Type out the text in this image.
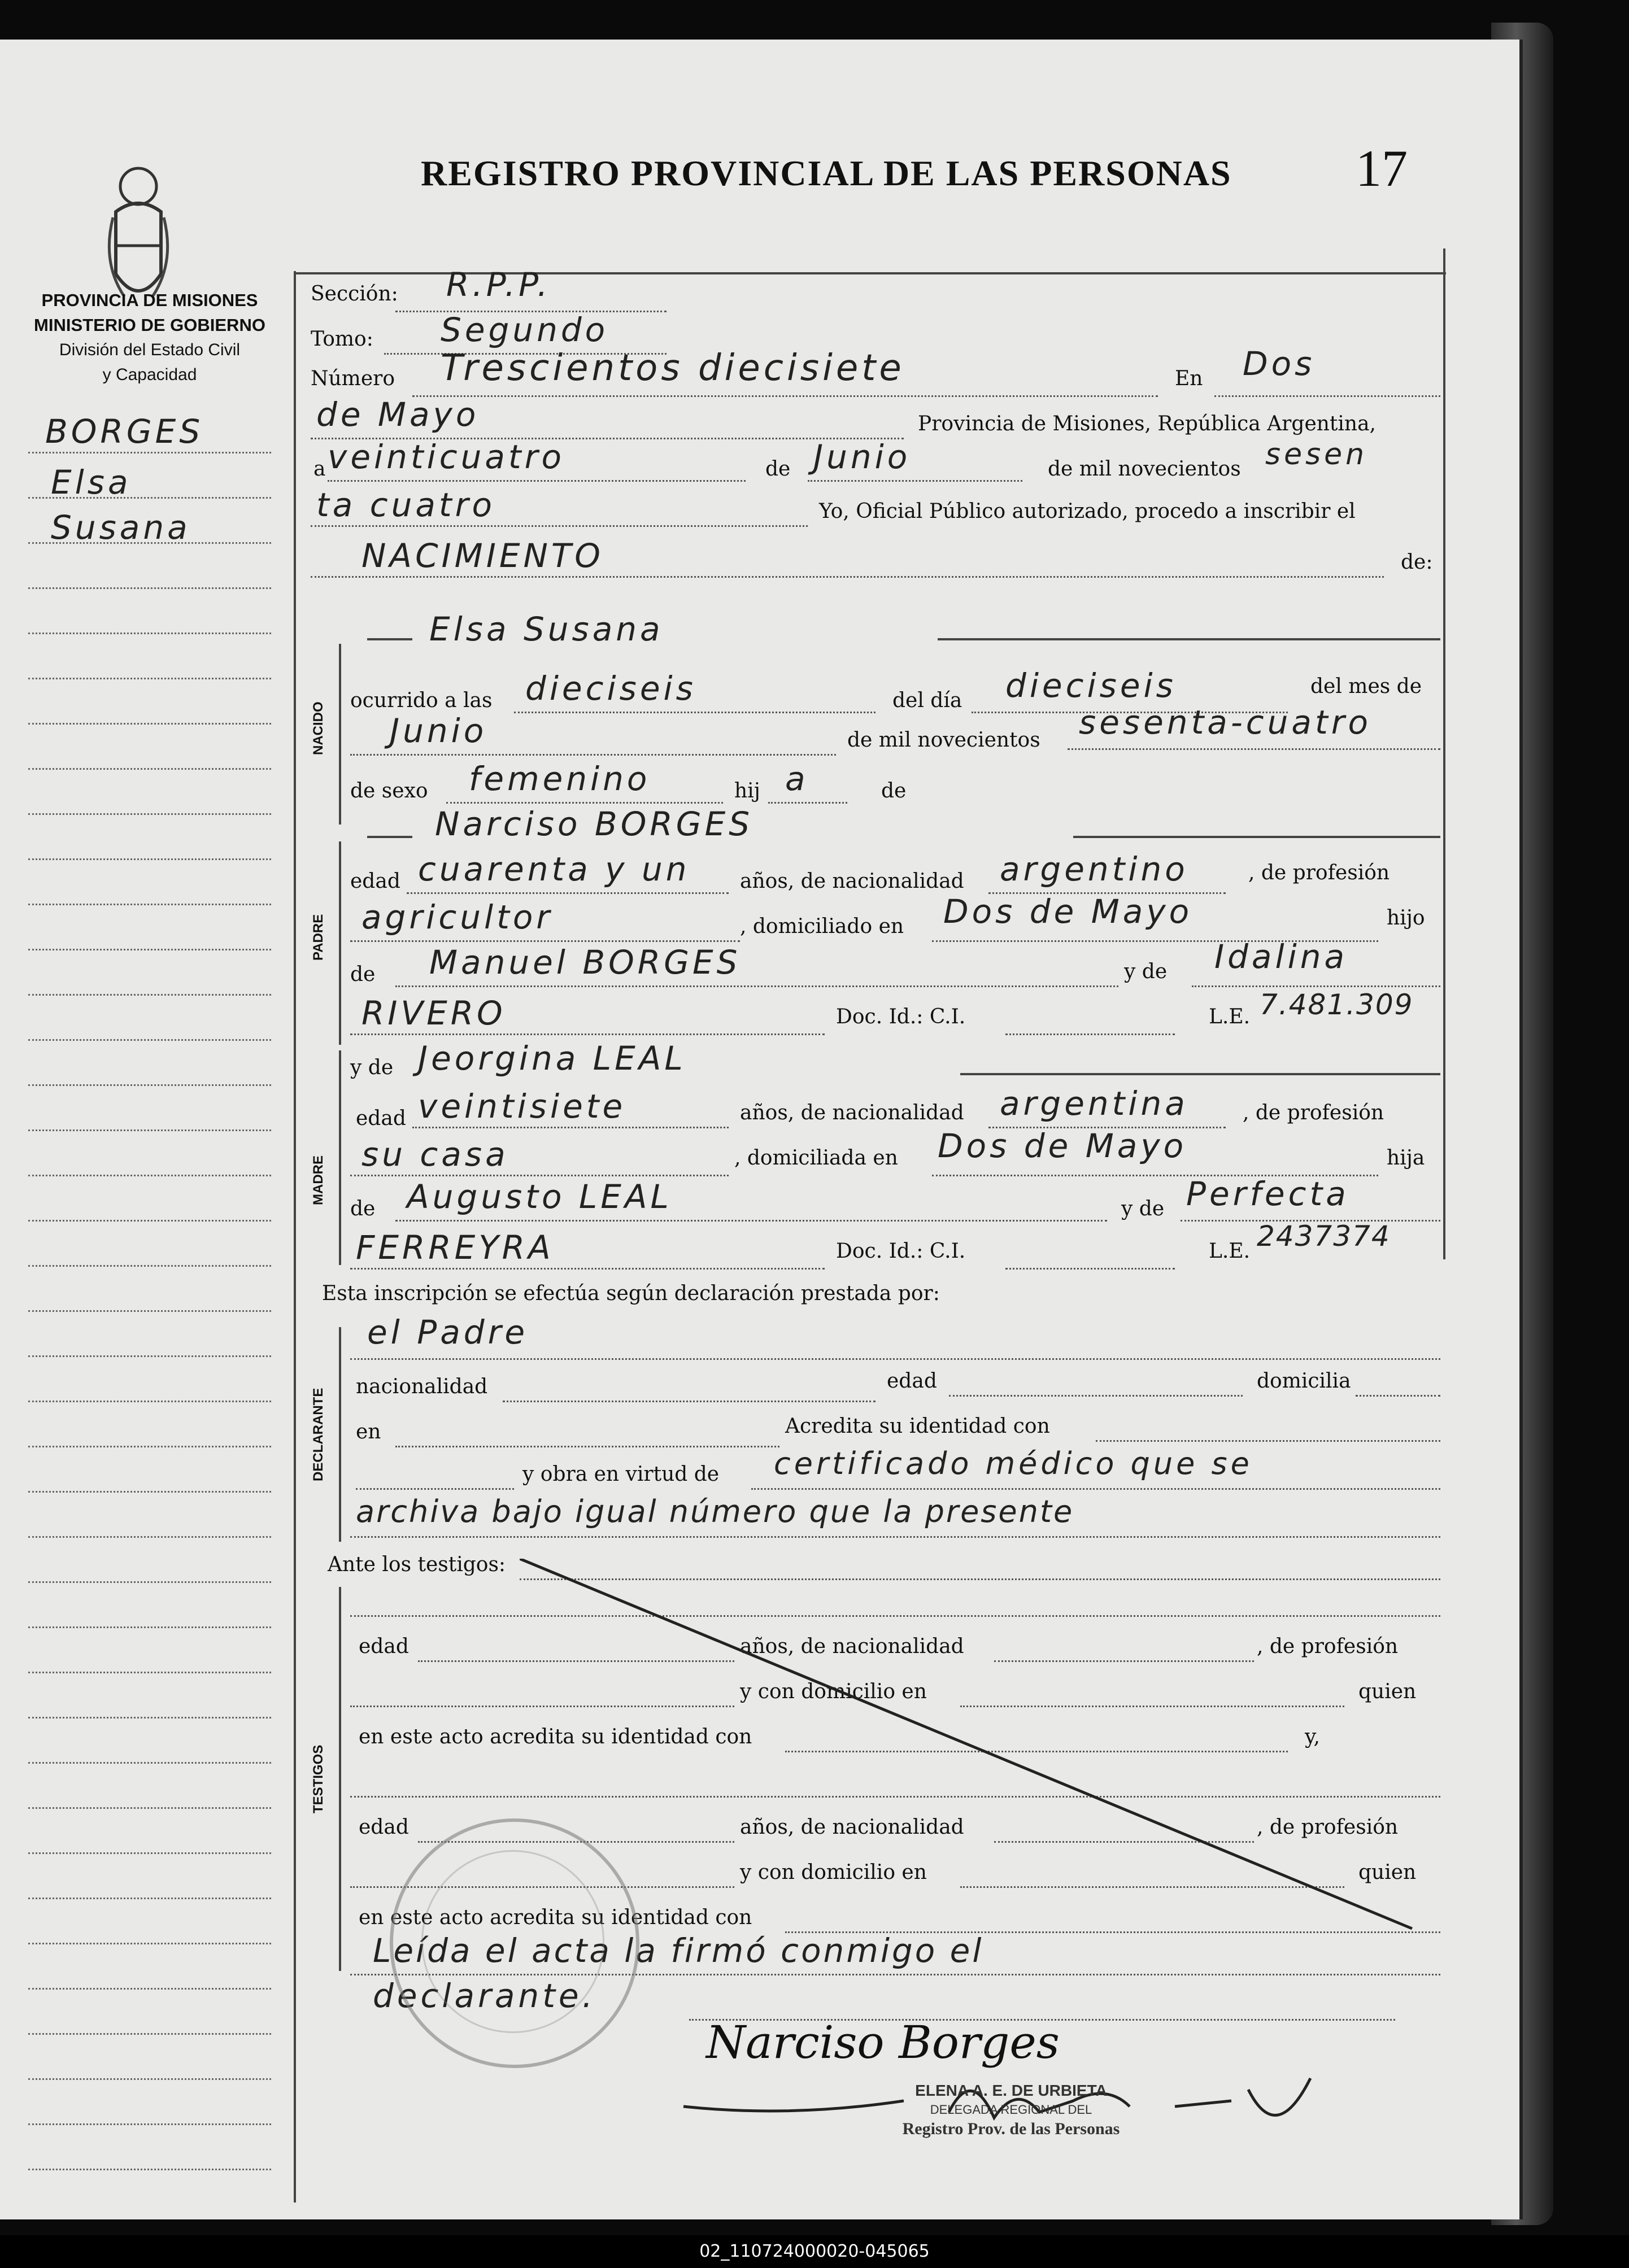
PROVINCIA DE MISIONES
MINISTERIO DE GOBIERNO
División del Estado Civil
y Capacidad
REGISTRO PROVINCIAL DE LAS PERSONAS 17
BORGES
Elsa
Susana
Sección: R.P.P.
Tomo: Segundo
Número Trescientos diecisiete	En Dos
de Mayo	Provincia de Misiones, República Argentina,
a veinticuatro	de Junio	de mil novecientos sesen
ta cuatro	Yo, Oficial Público autorizado, procedo a inscribir el
NACIMIENTO	de:
Elsa Susana
NACIDO
ocurrido a las dieciseis	del día dieciseis	del mes de
Junio	de mil novecientos sesenta-cuatro
de sexo femenino	hij a	de
Narciso BORGES
PADRE
edad cuarenta y un años, de nacionalidad argentino	, de profesión
agricultor	, domiciliado en Dos de Mayo	hijo
de Manuel BORGES	y de Idalina
RIVERO	Doc. Id.: C.I.	L.E. 7.481.309
y de Jeorgina LEAL
MADRE
edad veintisiete	años, de nacionalidad argentina	, de profesión
su casa	, domiciliada en Dos de Mayo	hija
de Augusto LEAL	y de Perfecta
FERREYRA	Doc. Id.: C.I.	L.E. 2437374
Esta inscripción se efectúa según declaración prestada por:
el Padre
DECLARANTE
nacionalidad	edad	domicilia
en	Acredita su identidad con
y obra en virtud de certificado médico que se
archiva bajo igual número que la presente
Ante los testigos:
TESTIGOS
edad	años, de nacionalidad	, de profesión
y con domicilio en	quien
en este acto acredita su identidad con	y,
edad	años, de nacionalidad	, de profesión
y con domicilio en	quien
en este acto acredita su identidad con
Leída el acta la firmó conmigo el
declarante.
Narciso Borges
ELENA A. E. DE URBIETA
DELEGADA REGIONAL DEL
Registro Prov. de las Personas
02_110724000020-045065
